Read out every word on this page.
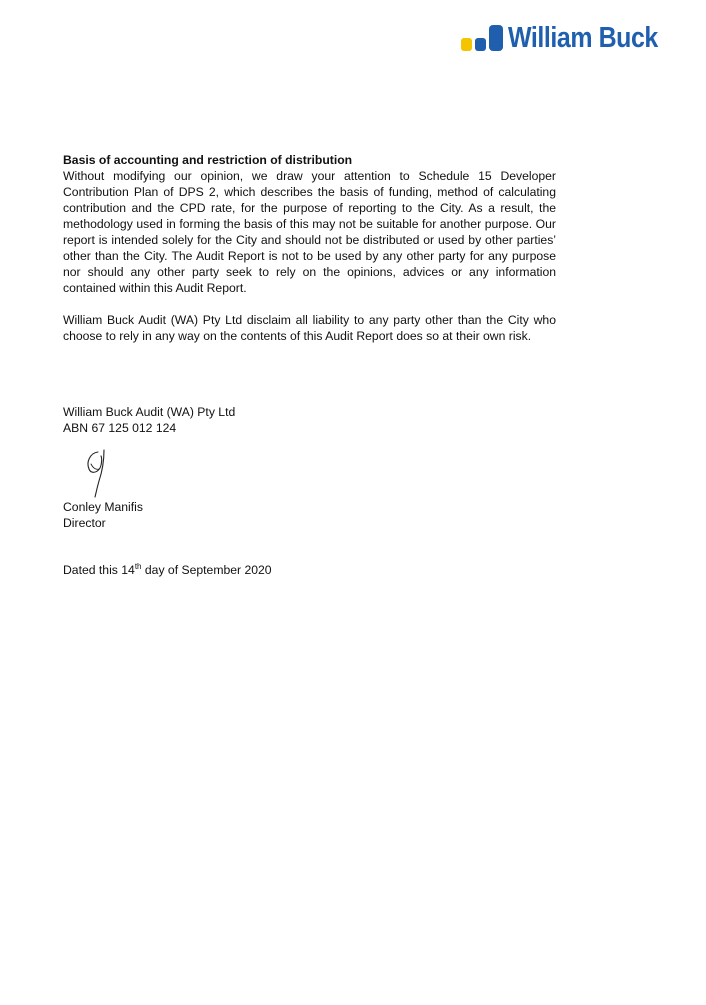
William Buck

Basis of accounting and restriction of distribution

Without modifying our opinion, we draw your attention to Schedule 15 Developer Contribution Plan of DPS 2, which describes the basis of funding, method of calculating contribution and the CPD rate, for the purpose of reporting to the City. As a result, the methodology used in forming the basis of this may not be suitable for another purpose. Our report is intended solely for the City and should not be distributed or used by other parties’ other than the City. The Audit Report is not to be used by any other party for any purpose nor should any other party seek to rely on the opinions, advices or any information contained within this Audit Report.

William Buck Audit (WA) Pty Ltd disclaim all liability to any party other than the City who choose to rely in any way on the contents of this Audit Report does so at their own risk.

William Buck Audit (WA) Pty Ltd
ABN 67 125 012 124
Conley Manifis
Director
Dated this 14th day of September 2020
